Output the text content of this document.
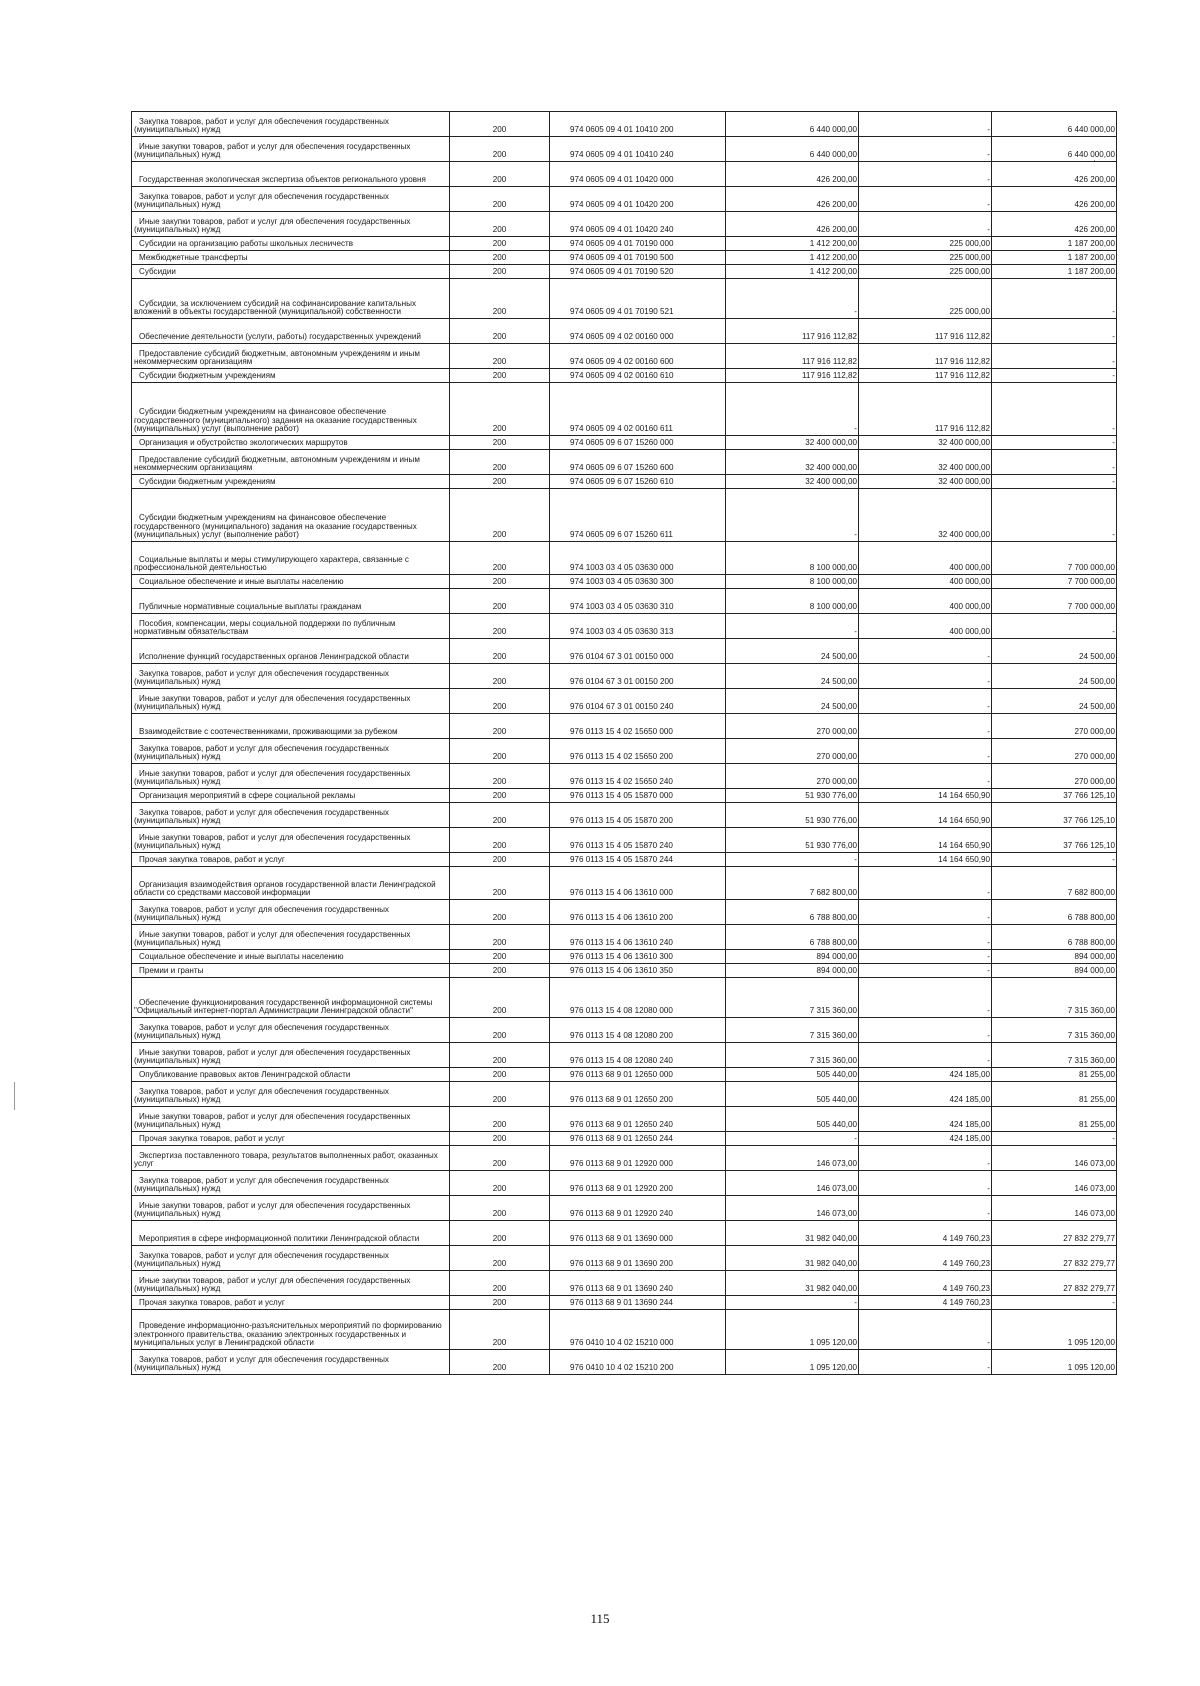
Закупка товаров, работ и услуг для обеспечения государственных (муниципальных) нужд	200	974 0605 09 4 01 10410 200	6 440 000,00	-	6 440 000,00
Иные закупки товаров, работ и услуг для обеспечения государственных (муниципальных) нужд	200	974 0605 09 4 01 10410 240	6 440 000,00	-	6 440 000,00
Государственная экологическая экспертиза объектов регионального уровня	200	974 0605 09 4 01 10420 000	426 200,00	-	426 200,00
Закупка товаров, работ и услуг для обеспечения государственных (муниципальных) нужд	200	974 0605 09 4 01 10420 200	426 200,00	-	426 200,00
Иные закупки товаров, работ и услуг для обеспечения государственных (муниципальных) нужд	200	974 0605 09 4 01 10420 240	426 200,00	-	426 200,00
Субсидии на организацию работы школьных лесничеств	200	974 0605 09 4 01 70190 000	1 412 200,00	225 000,00	1 187 200,00
Межбюджетные трансферты	200	974 0605 09 4 01 70190 500	1 412 200,00	225 000,00	1 187 200,00
Субсидии	200	974 0605 09 4 01 70190 520	1 412 200,00	225 000,00	1 187 200,00
Субсидии, за исключением субсидий на софинансирование капитальных вложений в объекты государственной (муниципальной) собственности	200	974 0605 09 4 01 70190 521	-	225 000,00	-
Обеспечение деятельности (услуги, работы) государственных учреждений	200	974 0605 09 4 02 00160 000	117 916 112,82	117 916 112,82	-
Предоставление субсидий бюджетным, автономным учреждениям и иным некоммерческим организациям	200	974 0605 09 4 02 00160 600	117 916 112,82	117 916 112,82	-
Субсидии бюджетным учреждениям	200	974 0605 09 4 02 00160 610	117 916 112,82	117 916 112,82	-
Субсидии бюджетным учреждениям на финансовое обеспечение государственного (муниципального) задания на оказание государственных (муниципальных) услуг (выполнение работ)	200	974 0605 09 4 02 00160 611	-	117 916 112,82	-
Организация и обустройство экологических маршрутов	200	974 0605 09 6 07 15260 000	32 400 000,00	32 400 000,00	-
Предоставление субсидий бюджетным, автономным учреждениям и иным некоммерческим организациям	200	974 0605 09 6 07 15260 600	32 400 000,00	32 400 000,00	-
Субсидии бюджетным учреждениям	200	974 0605 09 6 07 15260 610	32 400 000,00	32 400 000,00	-
Субсидии бюджетным учреждениям на финансовое обеспечение государственного (муниципального) задания на оказание государственных (муниципальных) услуг (выполнение работ)	200	974 0605 09 6 07 15260 611	-	32 400 000,00	-
Социальные выплаты и меры стимулирующего характера, связанные с профессиональной деятельностью	200	974 1003 03 4 05 03630 000	8 100 000,00	400 000,00	7 700 000,00
Социальное обеспечение и иные выплаты населению	200	974 1003 03 4 05 03630 300	8 100 000,00	400 000,00	7 700 000,00
Публичные нормативные социальные выплаты гражданам	200	974 1003 03 4 05 03630 310	8 100 000,00	400 000,00	7 700 000,00
Пособия, компенсации, меры социальной поддержки по публичным нормативным обязательствам	200	974 1003 03 4 05 03630 313	-	400 000,00	-
Исполнение функций государственных органов Ленинградской области	200	976 0104 67 3 01 00150 000	24 500,00	-	24 500,00
Закупка товаров, работ и услуг для обеспечения государственных (муниципальных) нужд	200	976 0104 67 3 01 00150 200	24 500,00	-	24 500,00
Иные закупки товаров, работ и услуг для обеспечения государственных (муниципальных) нужд	200	976 0104 67 3 01 00150 240	24 500,00	-	24 500,00
Взаимодействие с соотечественниками, проживающими за рубежом	200	976 0113 15 4 02 15650 000	270 000,00	-	270 000,00
Закупка товаров, работ и услуг для обеспечения государственных (муниципальных) нужд	200	976 0113 15 4 02 15650 200	270 000,00	-	270 000,00
Иные закупки товаров, работ и услуг для обеспечения государственных (муниципальных) нужд	200	976 0113 15 4 02 15650 240	270 000,00	-	270 000,00
Организация мероприятий в сфере социальной рекламы	200	976 0113 15 4 05 15870 000	51 930 776,00	14 164 650,90	37 766 125,10
Закупка товаров, работ и услуг для обеспечения государственных (муниципальных) нужд	200	976 0113 15 4 05 15870 200	51 930 776,00	14 164 650,90	37 766 125,10
Иные закупки товаров, работ и услуг для обеспечения государственных (муниципальных) нужд	200	976 0113 15 4 05 15870 240	51 930 776,00	14 164 650,90	37 766 125,10
Прочая закупка товаров, работ и услуг	200	976 0113 15 4 05 15870 244	-	14 164 650,90	-
Организация взаимодействия органов государственной власти Ленинградской области со средствами массовой информации	200	976 0113 15 4 06 13610 000	7 682 800,00	-	7 682 800,00
Закупка товаров, работ и услуг для обеспечения государственных (муниципальных) нужд	200	976 0113 15 4 06 13610 200	6 788 800,00	-	6 788 800,00
Иные закупки товаров, работ и услуг для обеспечения государственных (муниципальных) нужд	200	976 0113 15 4 06 13610 240	6 788 800,00	-	6 788 800,00
Социальное обеспечение и иные выплаты населению	200	976 0113 15 4 06 13610 300	894 000,00	-	894 000,00
Премии и гранты	200	976 0113 15 4 06 13610 350	894 000,00	-	894 000,00
Обеспечение функционирования государственной информационной системы "Официальный интернет-портал Администрации Ленинградской области"	200	976 0113 15 4 08 12080 000	7 315 360,00	-	7 315 360,00
Закупка товаров, работ и услуг для обеспечения государственных (муниципальных) нужд	200	976 0113 15 4 08 12080 200	7 315 360,00	-	7 315 360,00
Иные закупки товаров, работ и услуг для обеспечения государственных (муниципальных) нужд	200	976 0113 15 4 08 12080 240	7 315 360,00	-	7 315 360,00
Опубликование правовых актов Ленинградской области	200	976 0113 68 9 01 12650 000	505 440,00	424 185,00	81 255,00
Закупка товаров, работ и услуг для обеспечения государственных (муниципальных) нужд	200	976 0113 68 9 01 12650 200	505 440,00	424 185,00	81 255,00
Иные закупки товаров, работ и услуг для обеспечения государственных (муниципальных) нужд	200	976 0113 68 9 01 12650 240	505 440,00	424 185,00	81 255,00
Прочая закупка товаров, работ и услуг	200	976 0113 68 9 01 12650 244	-	424 185,00	-
Экспертиза поставленного товара, результатов выполненных работ, оказанных услуг	200	976 0113 68 9 01 12920 000	146 073,00	-	146 073,00
Закупка товаров, работ и услуг для обеспечения государственных (муниципальных) нужд	200	976 0113 68 9 01 12920 200	146 073,00	-	146 073,00
Иные закупки товаров, работ и услуг для обеспечения государственных (муниципальных) нужд	200	976 0113 68 9 01 12920 240	146 073,00	-	146 073,00
Мероприятия в сфере информационной политики Ленинградской области	200	976 0113 68 9 01 13690 000	31 982 040,00	4 149 760,23	27 832 279,77
Закупка товаров, работ и услуг для обеспечения государственных (муниципальных) нужд	200	976 0113 68 9 01 13690 200	31 982 040,00	4 149 760,23	27 832 279,77
Иные закупки товаров, работ и услуг для обеспечения государственных (муниципальных) нужд	200	976 0113 68 9 01 13690 240	31 982 040,00	4 149 760,23	27 832 279,77
Прочая закупка товаров, работ и услуг	200	976 0113 68 9 01 13690 244	-	4 149 760,23	-
Проведение информационно-разъяснительных мероприятий по формированию электронного правительства, оказанию электронных государственных и муниципальных услуг в Ленинградской области	200	976 0410 10 4 02 15210 000	1 095 120,00	-	1 095 120,00
Закупка товаров, работ и услуг для обеспечения государственных (муниципальных) нужд	200	976 0410 10 4 02 15210 200	1 095 120,00	-	1 095 120,00
115
